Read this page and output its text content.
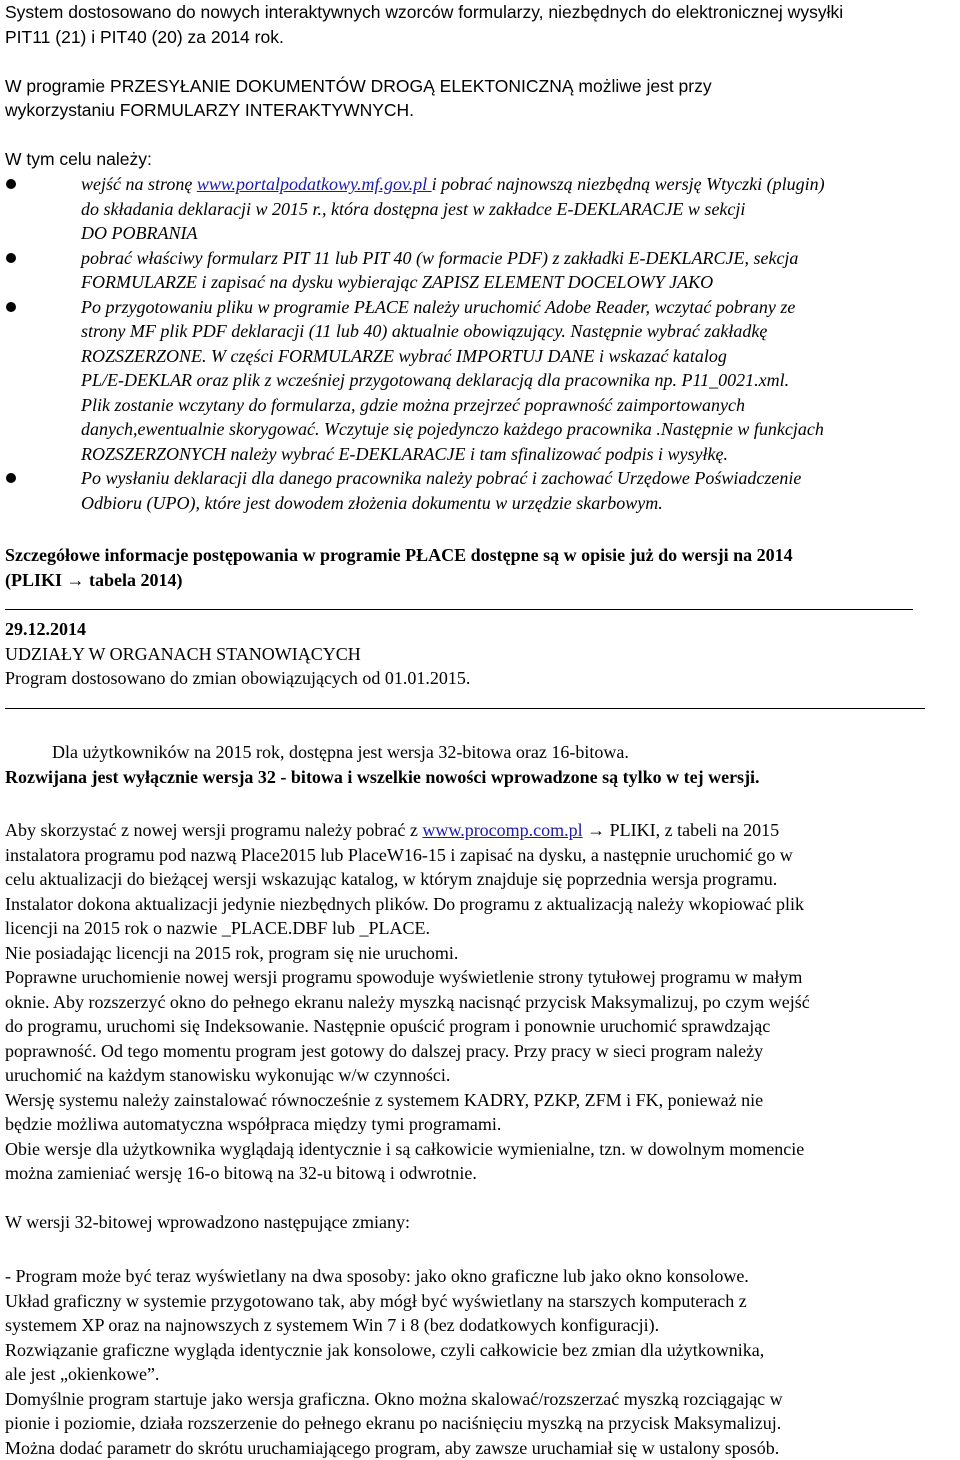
System dostosowano do nowych interaktywnych wzorców formularzy, niezbędnych do elektronicznej wysyłki
PIT11 (21) i PIT40 (20) za 2014 rok.
W programie PRZESYŁANIE DOKUMENTÓW DROGĄ ELEKTONICZNĄ możliwe jest przy
wykorzystaniu FORMULARZY INTERAKTYWNYCH.
W tym celu należy:
wejść na stronę www.portalpodatkowy.mf.gov.pl i pobrać najnowszą niezbędną wersję Wtyczki (plugin)
do składania deklaracji w 2015 r., która dostępna jest w zakładce E-DEKLARACJE w sekcji
DO POBRANIA
pobrać właściwy formularz PIT 11 lub PIT 40 (w formacie PDF) z zakładki E-DEKLARCJE, sekcja
FORMULARZE i zapisać na dysku wybierając ZAPISZ ELEMENT DOCELOWY JAKO
Po przygotowaniu pliku w programie PŁACE należy uruchomić Adobe Reader, wczytać pobrany ze
strony MF plik PDF deklaracji (11 lub 40) aktualnie obowiązujący. Następnie wybrać zakładkę
ROZSZERZONE. W części FORMULARZE wybrać IMPORTUJ DANE i wskazać katalog
PL/E-DEKLAR oraz plik z wcześniej przygotowaną deklaracją dla pracownika np. P11_0021.xml.
Plik zostanie wczytany do formularza, gdzie można przejrzeć poprawność zaimportowanych
danych,ewentualnie skorygować. Wczytuje się pojedynczo każdego pracownika .Następnie w funkcjach
ROZSZERZONYCH należy wybrać E-DEKLARACJE i tam sfinalizować podpis i wysyłkę.
Po wysłaniu deklaracji dla danego pracownika należy pobrać i zachować Urzędowe Poświadczenie
Odbioru (UPO), które jest dowodem złożenia dokumentu w urzędzie skarbowym.
Szczegółowe informacje postępowania w programie PŁACE dostępne są w opisie już do wersji na 2014
(PLIKI → tabela 2014)
29.12.2014
UDZIAŁY W ORGANACH STANOWIĄCYCH
Program dostosowano do zmian obowiązujących od 01.01.2015.
Dla użytkowników na 2015 rok, dostępna jest wersja 32-bitowa oraz 16-bitowa.
Rozwijana jest wyłącznie wersja 32 - bitowa i wszelkie nowości wprowadzone są tylko w tej wersji.
Aby skorzystać z nowej wersji programu należy pobrać z www.procomp.com.pl → PLIKI, z tabeli na 2015
instalatora programu pod nazwą Place2015 lub PlaceW16-15 i zapisać na dysku, a następnie uruchomić go w
celu aktualizacji do bieżącej wersji wskazując katalog, w którym znajduje się poprzednia wersja programu.
Instalator dokona aktualizacji jedynie niezbędnych plików. Do programu z aktualizacją należy wkopiować plik
licencji na 2015 rok o nazwie _PLACE.DBF lub _PLACE.
Nie posiadając licencji na 2015 rok, program się nie uruchomi.
Poprawne uruchomienie nowej wersji programu spowoduje wyświetlenie strony tytułowej programu w małym
oknie. Aby rozszerzyć okno do pełnego ekranu należy myszką nacisnąć przycisk Maksymalizuj, po czym wejść
do programu, uruchomi się Indeksowanie. Następnie opuścić program i ponownie uruchomić sprawdzając
poprawność. Od tego momentu program jest gotowy do dalszej pracy. Przy pracy w sieci program należy
uruchomić na każdym stanowisku wykonując w/w czynności.
Wersję systemu należy zainstalować równocześnie z systemem KADRY, PZKP, ZFM i FK, ponieważ nie
będzie możliwa automatyczna współpraca między tymi programami.
Obie wersje dla użytkownika wyglądają identycznie i są całkowicie wymienialne, tzn. w dowolnym momencie
można zamieniać wersję 16-o bitową na 32-u bitową i odwrotnie.
W wersji 32-bitowej wprowadzono następujące zmiany:
- Program może być teraz wyświetlany na dwa sposoby: jako okno graficzne lub jako okno konsolowe.
Układ graficzny w systemie przygotowano tak, aby mógł być wyświetlany na starszych komputerach z
systemem XP oraz na najnowszych z systemem Win 7 i 8 (bez dodatkowych konfiguracji).
Rozwiązanie graficzne wygląda identycznie jak konsolowe, czyli całkowicie bez zmian dla użytkownika,
ale jest „okienkowe”.
Domyślnie program startuje jako wersja graficzna. Okno można skalować/rozszerzać myszką rozciągając w
pionie i poziomie, działa rozszerzenie do pełnego ekranu po naciśnięciu myszką na przycisk Maksymalizuj.
Można dodać parametr do skrótu uruchamiającego program, aby zawsze uruchamiał się w ustalony sposób.
